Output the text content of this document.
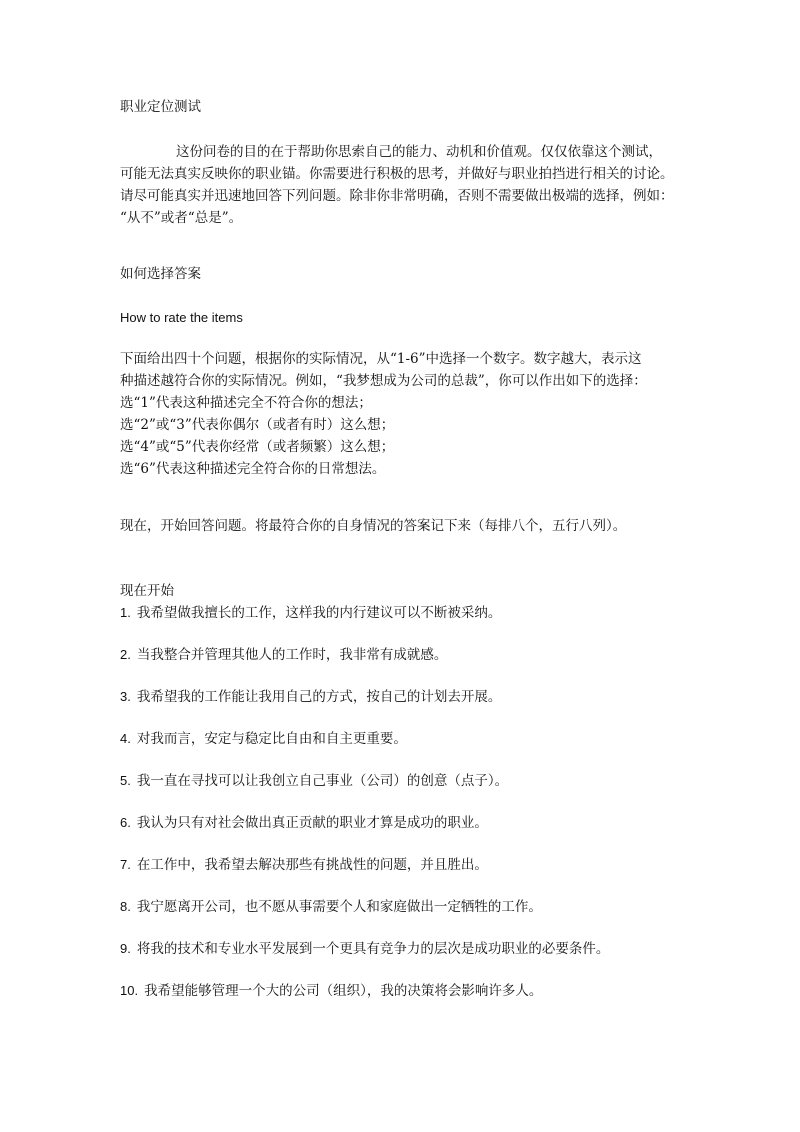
职业定位测试
这份问卷的目的在于帮助你思索自己的能力、动机和价值观。仅仅依靠这个测试，
可能无法真实反映你的职业锚。你需要进行积极的思考，并做好与职业拍挡进行相关的讨论。
请尽可能真实并迅速地回答下列问题。除非你非常明确，否则不需要做出极端的选择，例如：
“从不”或者“总是”。
如何选择答案
How to rate the items
下面给出四十个问题，根据你的实际情况，从“1-6”中选择一个数字。数字越大，表示这
种描述越符合你的实际情况。例如，“我梦想成为公司的总裁”，你可以作出如下的选择：
选“1”代表这种描述完全不符合你的想法；
选“2”或“3”代表你偶尔（或者有时）这么想；
选“4”或“5”代表你经常（或者频繁）这么想；
选“6”代表这种描述完全符合你的日常想法。
现在，开始回答问题。将最符合你的自身情况的答案记下来（每排八个，五行八列）。
现在开始
1. 我希望做我擅长的工作，这样我的内行建议可以不断被采纳。
2. 当我整合并管理其他人的工作时，我非常有成就感。
3. 我希望我的工作能让我用自己的方式，按自己的计划去开展。
4. 对我而言，安定与稳定比自由和自主更重要。
5. 我一直在寻找可以让我创立自己事业（公司）的创意（点子）。
6. 我认为只有对社会做出真正贡献的职业才算是成功的职业。
7. 在工作中，我希望去解决那些有挑战性的问题，并且胜出。
8. 我宁愿离开公司，也不愿从事需要个人和家庭做出一定牺牲的工作。
9. 将我的技术和专业水平发展到一个更具有竞争力的层次是成功职业的必要条件。
10. 我希望能够管理一个大的公司（组织），我的决策将会影响许多人。
